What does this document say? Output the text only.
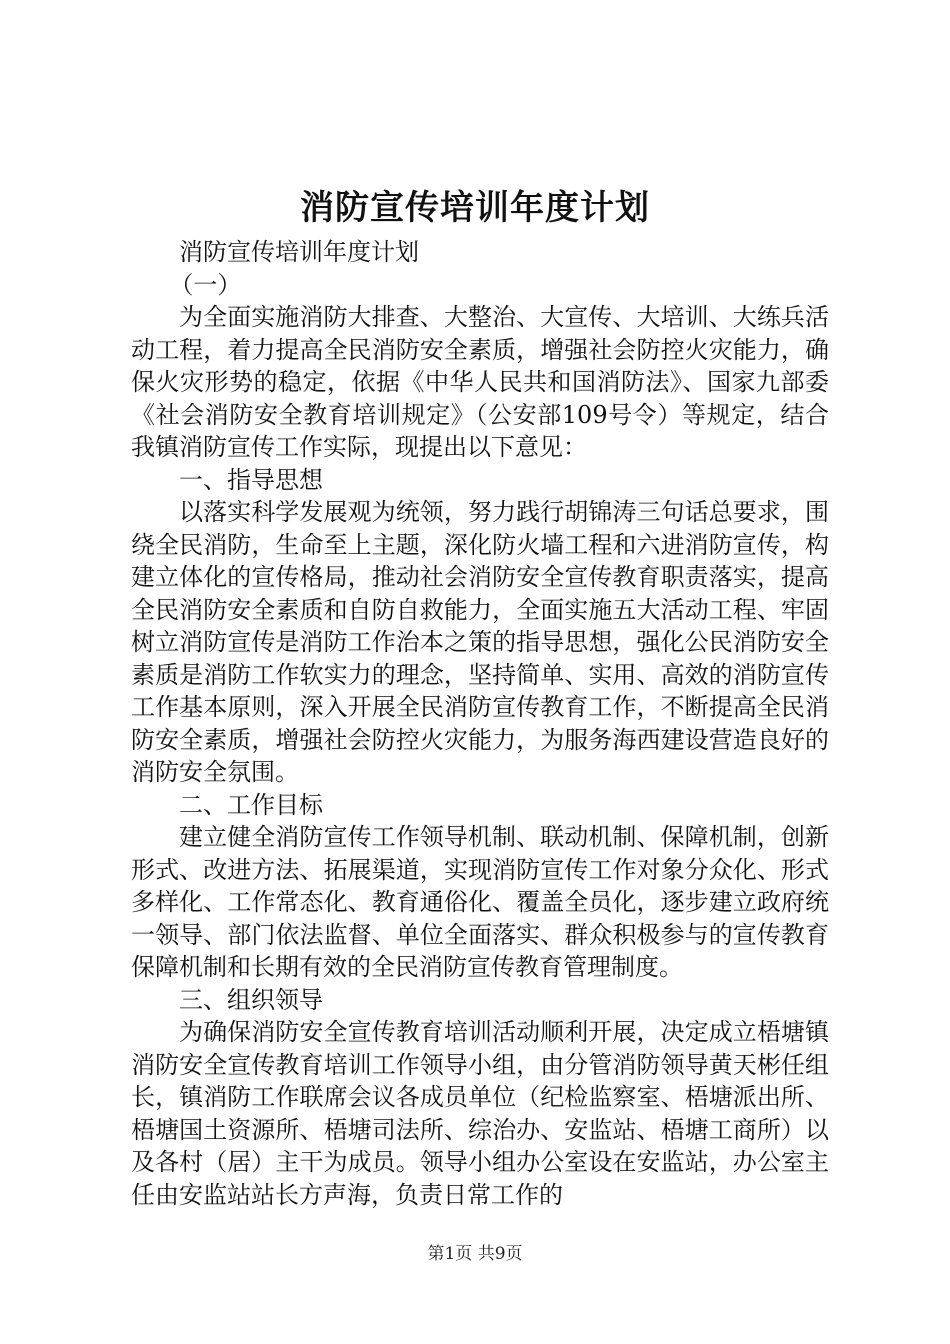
消防宣传培训年度计划

消防宣传培训年度计划

（一）

为全面实施消防大排查、大整治、大宣传、大培训、大练兵活动工程，着力提高全民消防安全素质，增强社会防控火灾能力，确保火灾形势的稳定，依据《中华人民共和国消防法》、国家九部委《社会消防安全教育培训规定》（公安部109号令）等规定，结合我镇消防宣传工作实际，现提出以下意见：

一、指导思想

以落实科学发展观为统领，努力践行胡锦涛三句话总要求，围绕全民消防，生命至上主题，深化防火墙工程和六进消防宣传，构建立体化的宣传格局，推动社会消防安全宣传教育职责落实，提高全民消防安全素质和自防自救能力，全面实施五大活动工程、牢固树立消防宣传是消防工作治本之策的指导思想，强化公民消防安全素质是消防工作软实力的理念，坚持简单、实用、高效的消防宣传工作基本原则，深入开展全民消防宣传教育工作，不断提高全民消防安全素质，增强社会防控火灾能力，为服务海西建设营造良好的消防安全氛围。

二、工作目标

建立健全消防宣传工作领导机制、联动机制、保障机制，创新形式、改进方法、拓展渠道，实现消防宣传工作对象分众化、形式多样化、工作常态化、教育通俗化、覆盖全员化，逐步建立政府统一领导、部门依法监督、单位全面落实、群众积极参与的宣传教育保障机制和长期有效的全民消防宣传教育管理制度。

三、组织领导

为确保消防安全宣传教育培训活动顺利开展，决定成立梧塘镇消防安全宣传教育培训工作领导小组，由分管消防领导黄天彬任组长，镇消防工作联席会议各成员单位（纪检监察室、梧塘派出所、梧塘国土资源所、梧塘司法所、综治办、安监站、梧塘工商所）以及各村（居）主干为成员。领导小组办公室设在安监站，办公室主任由安监站站长方声海，负责日常工作的

第1页 共9页
